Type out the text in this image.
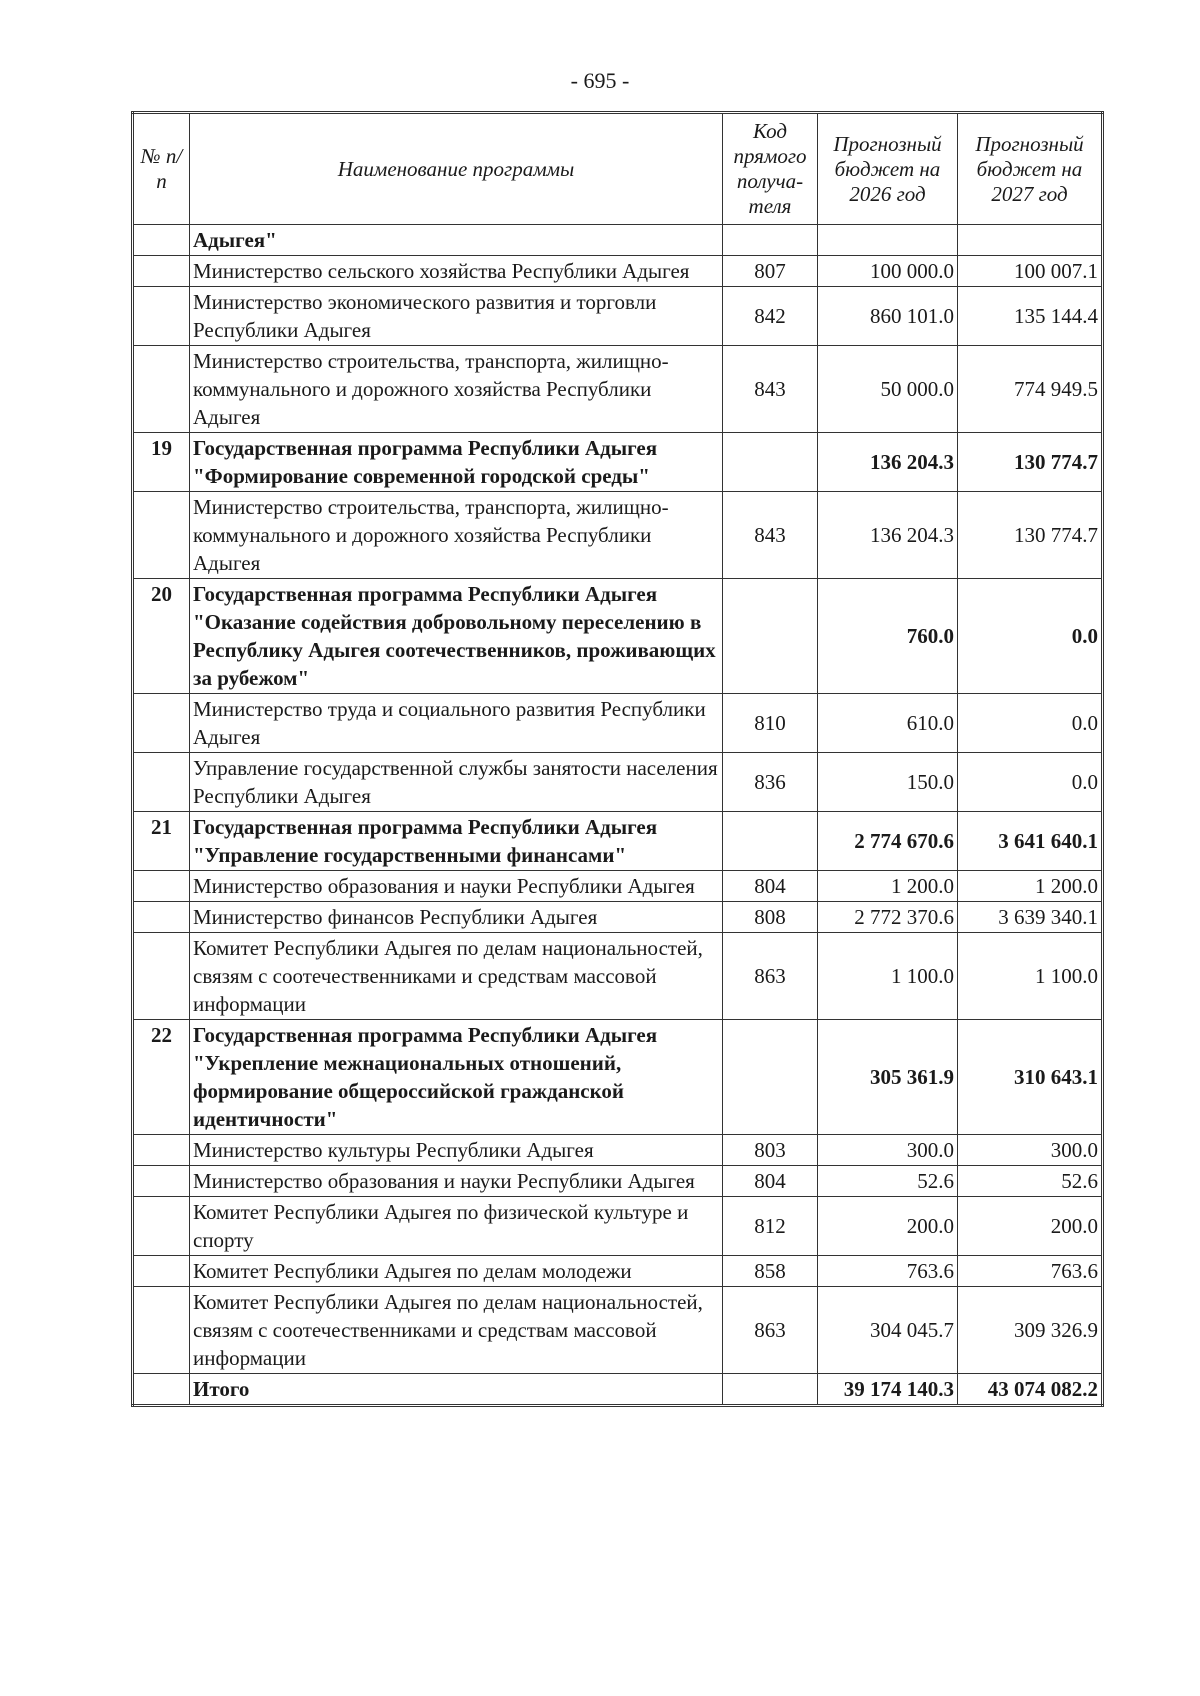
- 695 -
№ п/п	Наименование программы	Код прямого получа-теля	Прогнозный бюджет на 2026 год	Прогнозный бюджет на 2027 год
	Адыгея"			
	Министерство сельского хозяйства Республики Адыгея	807	100 000.0	100 007.1
	Министерство экономического развития и торговли Республики Адыгея	842	860 101.0	135 144.4
	Министерство строительства, транспорта, жилищно-коммунального и дорожного хозяйства Республики Адыгея	843	50 000.0	774 949.5
19	Государственная программа Республики Адыгея "Формирование современной городской среды"		136 204.3	130 774.7
	Министерство строительства, транспорта, жилищно-коммунального и дорожного хозяйства Республики Адыгея	843	136 204.3	130 774.7
20	Государственная программа Республики Адыгея "Оказание содействия добровольному переселению в Республику Адыгея соотечественников, проживающих за рубежом"		760.0	0.0
	Министерство труда и социального развития Республики Адыгея	810	610.0	0.0
	Управление государственной службы занятости населения Республики Адыгея	836	150.0	0.0
21	Государственная программа Республики Адыгея "Управление государственными финансами"		2 774 670.6	3 641 640.1
	Министерство образования и науки Республики Адыгея	804	1 200.0	1 200.0
	Министерство финансов Республики Адыгея	808	2 772 370.6	3 639 340.1
	Комитет Республики Адыгея по делам национальностей, связям с соотечественниками и средствам массовой информации	863	1 100.0	1 100.0
22	Государственная программа Республики Адыгея "Укрепление межнациональных отношений, формирование общероссийской гражданской идентичности"		305 361.9	310 643.1
	Министерство культуры Республики Адыгея	803	300.0	300.0
	Министерство образования и науки Республики Адыгея	804	52.6	52.6
	Комитет Республики Адыгея по физической культуре и спорту	812	200.0	200.0
	Комитет Республики Адыгея по делам молодежи	858	763.6	763.6
	Комитет Республики Адыгея по делам национальностей, связям с соотечественниками и средствам массовой информации	863	304 045.7	309 326.9
	Итого		39 174 140.3	43 074 082.2
